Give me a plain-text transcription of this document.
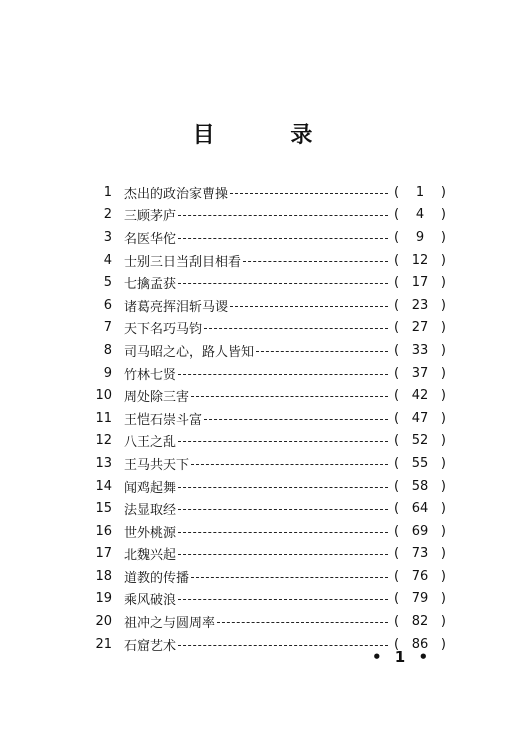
目 录
1 杰出的政治家曹操	(	1	)
2 三顾茅庐	(	4	)
3 名医华佗	(	9	)
4 士别三日当刮目相看	( 12 )
5 七擒孟获	( 17 )
6 诸葛亮挥泪斩马谡	( 23 )
7 天下名巧马钧	( 27 )
8 司马昭之心，路人皆知	( 33 )
9 竹林七贤	( 37 )
10 周处除三害	( 42 )
11 王恺石崇斗富	( 47 )
12 八王之乱	( 52 )
13 王马共天下	( 55 )
14 闻鸡起舞	( 58 )
15 法显取经	( 64 )
16 世外桃源	( 69 )
17 北魏兴起	( 73 )
18 道教的传播	( 76 )
19 乘风破浪	( 79 )
20 祖冲之与圆周率	( 82 )
21 石窟艺术	( 86 )
• 1 •
